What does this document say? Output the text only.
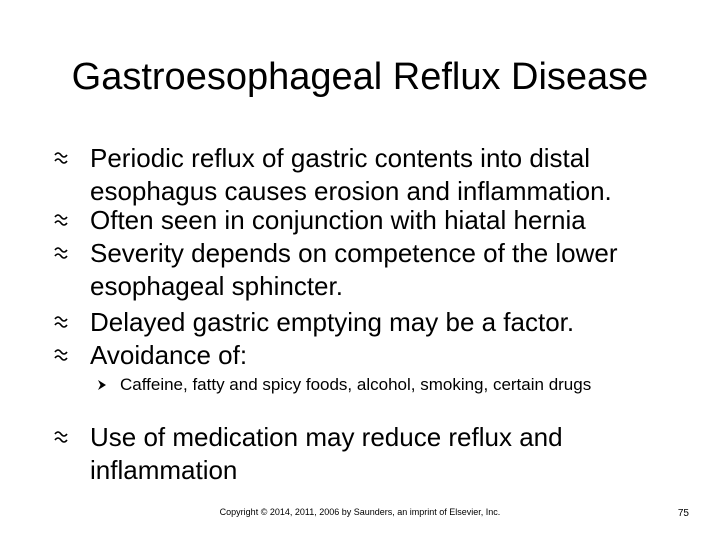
Gastroesophageal Reflux Disease
Periodic reflux of gastric contents into distal esophagus causes erosion and inflammation.
Often seen in conjunction with hiatal hernia
Severity depends on competence of the lower esophageal sphincter.
Delayed gastric emptying may be a factor.
Avoidance of:
Caffeine, fatty and spicy foods, alcohol, smoking, certain drugs
Use of medication may reduce reflux and inflammation
Copyright © 2014, 2011, 2006 by Saunders, an imprint of Elsevier, Inc.	75
